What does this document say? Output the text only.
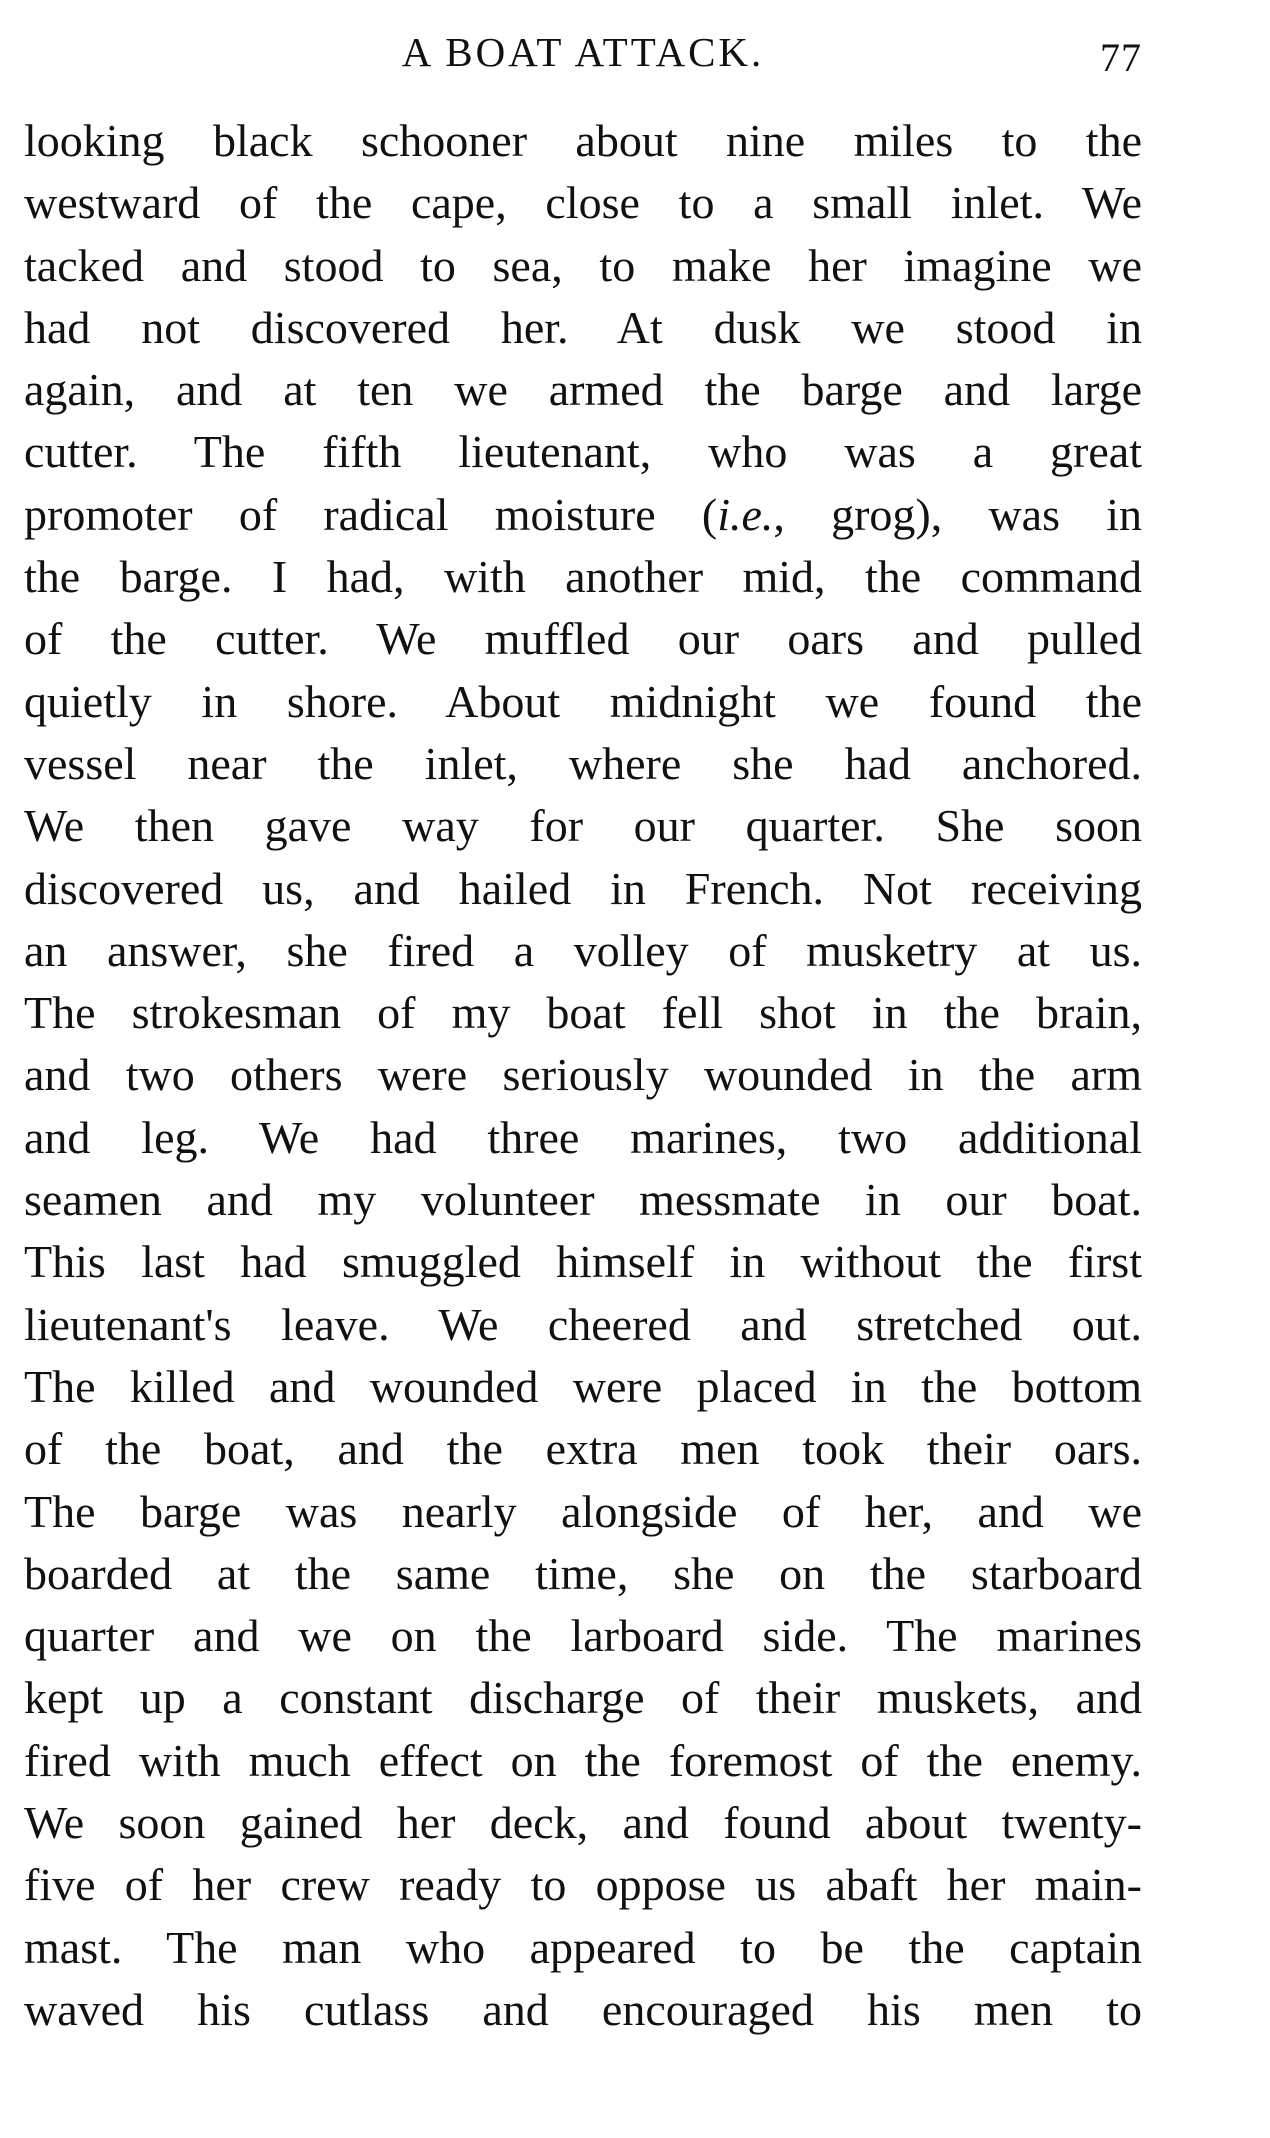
A BOAT ATTACK.	77
looking black schooner about nine miles to the
westward of the cape, close to a small inlet. We
tacked and stood to sea, to make her imagine we
had not discovered her. At dusk we stood in
again, and at ten we armed the barge and large
cutter. The fifth lieutenant, who was a great
promoter of radical moisture (i.e., grog), was in
the barge. I had, with another mid, the command
of the cutter. We muffled our oars and pulled
quietly in shore. About midnight we found the
vessel near the inlet, where she had anchored.
We then gave way for our quarter. She soon
discovered us, and hailed in French. Not receiving
an answer, she fired a volley of musketry at us.
The strokesman of my boat fell shot in the brain,
and two others were seriously wounded in the arm
and leg. We had three marines, two additional
seamen and my volunteer messmate in our boat.
This last had smuggled himself in without the first
lieutenant's leave. We cheered and stretched out.
The killed and wounded were placed in the bottom
of the boat, and the extra men took their oars.
The barge was nearly alongside of her, and we
boarded at the same time, she on the starboard
quarter and we on the larboard side. The marines
kept up a constant discharge of their muskets, and
fired with much effect on the foremost of the enemy.
We soon gained her deck, and found about twenty-
five of her crew ready to oppose us abaft her main-
mast. The man who appeared to be the captain
waved his cutlass and encouraged his men to
